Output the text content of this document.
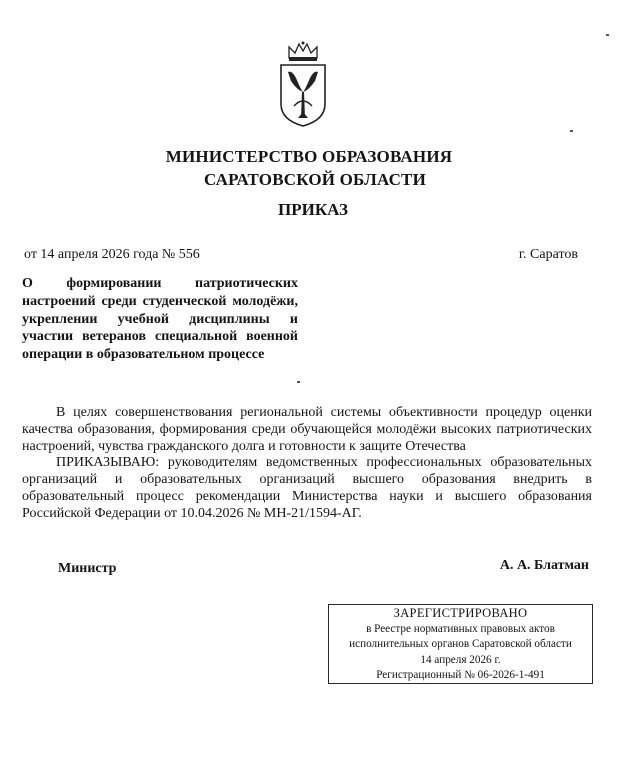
МИНИСТЕРСТВО ОБРАЗОВАНИЯ
САРАТОВСКОЙ ОБЛАСТИ
ПРИКАЗ
от 14 апреля 2026 года № 556	г. Саратов
О формировании патриотических настроений среди студенческой молодёжи, укреплении учебной дисциплины и участии ветеранов специальной военной операции в образовательном процессе

В целях совершенствования региональной системы объективности процедур оценки качества образования, формирования среди обучающейся молодёжи высоких патриотических настроений, чувства гражданского долга и готовности к защите Отечества

ПРИКАЗЫВАЮ: руководителям ведомственных профессиональных образовательных организаций и образовательных организаций высшего образования внедрить в образовательный процесс рекомендации Министерства науки и высшего образования Российской Федерации от 10.04.2026 № МН-21/1594-АГ.

Министр	А. А. Блатман
ЗАРЕГИСТРИРОВАНО
в Реестре нормативных правовых актов
исполнительных органов Саратовской области
14 апреля 2026 г.
Регистрационный № 06-2026-1-491
